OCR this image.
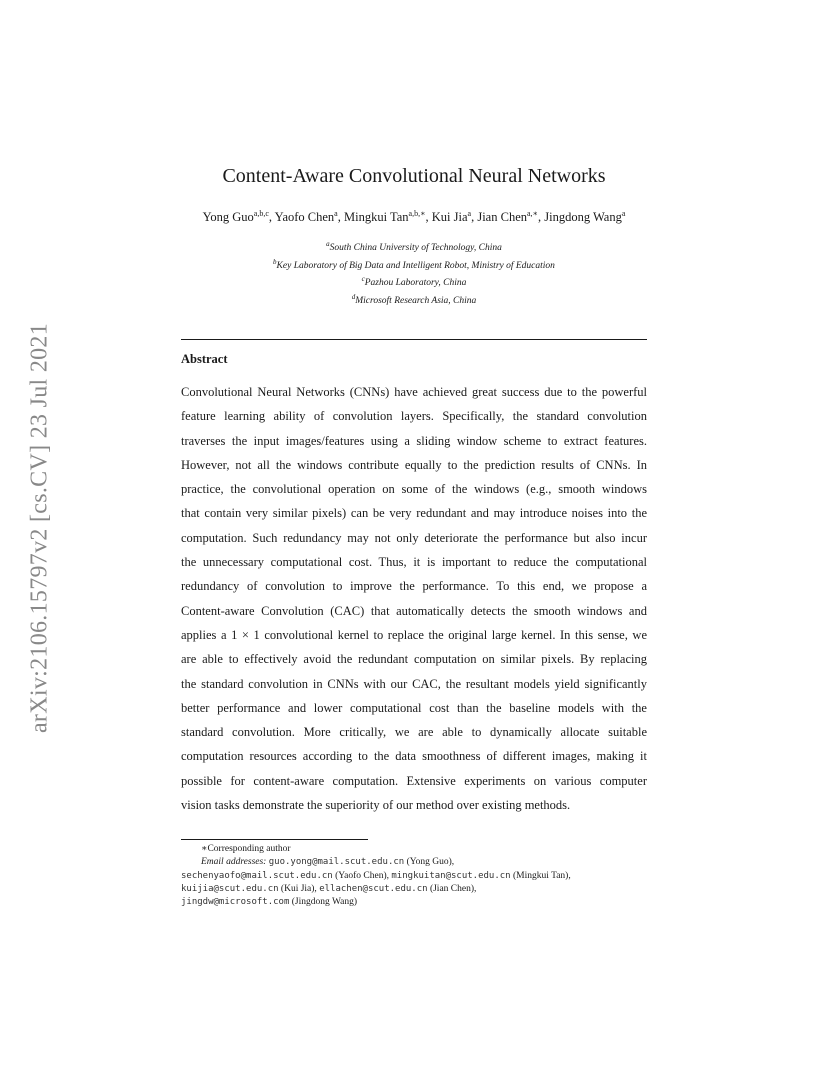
arXiv:2106.15797v2 [cs.CV] 23 Jul 2021
Content-Aware Convolutional Neural Networks
Yong Guo$^{a,b,c}$, Yaofo Chen$^a$, Mingkui Tan$^{a,b,∗}$, Kui Jia$^a$, Jian Chen$^{a,∗}$, Jingdong Wang$^a$
$^a$South China University of Technology, China
$^b$Key Laboratory of Big Data and Intelligent Robot, Ministry of Education
$^c$Pazhou Laboratory, China
$^d$Microsoft Research Asia, China
Abstract
Convolutional Neural Networks (CNNs) have achieved great success due to the powerful
feature learning ability of convolution layers. Specifically, the standard convolution
traverses the input images/features using a sliding window scheme to extract features.
However, not all the windows contribute equally to the prediction results of CNNs. In
practice, the convolutional operation on some of the windows (e.g., smooth windows
that contain very similar pixels) can be very redundant and may introduce noises into the
computation. Such redundancy may not only deteriorate the performance but also incur
the unnecessary computational cost. Thus, it is important to reduce the computational
redundancy of convolution to improve the performance. To this end, we propose a
Content-aware Convolution (CAC) that automatically detects the smooth windows and
applies a 1 × 1 convolutional kernel to replace the original large kernel. In this sense, we
are able to effectively avoid the redundant computation on similar pixels. By replacing
the standard convolution in CNNs with our CAC, the resultant models yield significantly
better performance and lower computational cost than the baseline models with the
standard convolution. More critically, we are able to dynamically allocate suitable
computation resources according to the data smoothness of different images, making it
possible for content-aware computation. Extensive experiments on various computer
vision tasks demonstrate the superiority of our method over existing methods.
∗Corresponding author
Email addresses: guo.yong@mail.scut.edu.cn (Yong Guo),
sechenyaofo@mail.scut.edu.cn (Yaofo Chen), mingkuitan@scut.edu.cn (Mingkui Tan),
kuijia@scut.edu.cn (Kui Jia), ellachen@scut.edu.cn (Jian Chen),
jingdw@microsoft.com (Jingdong Wang)
